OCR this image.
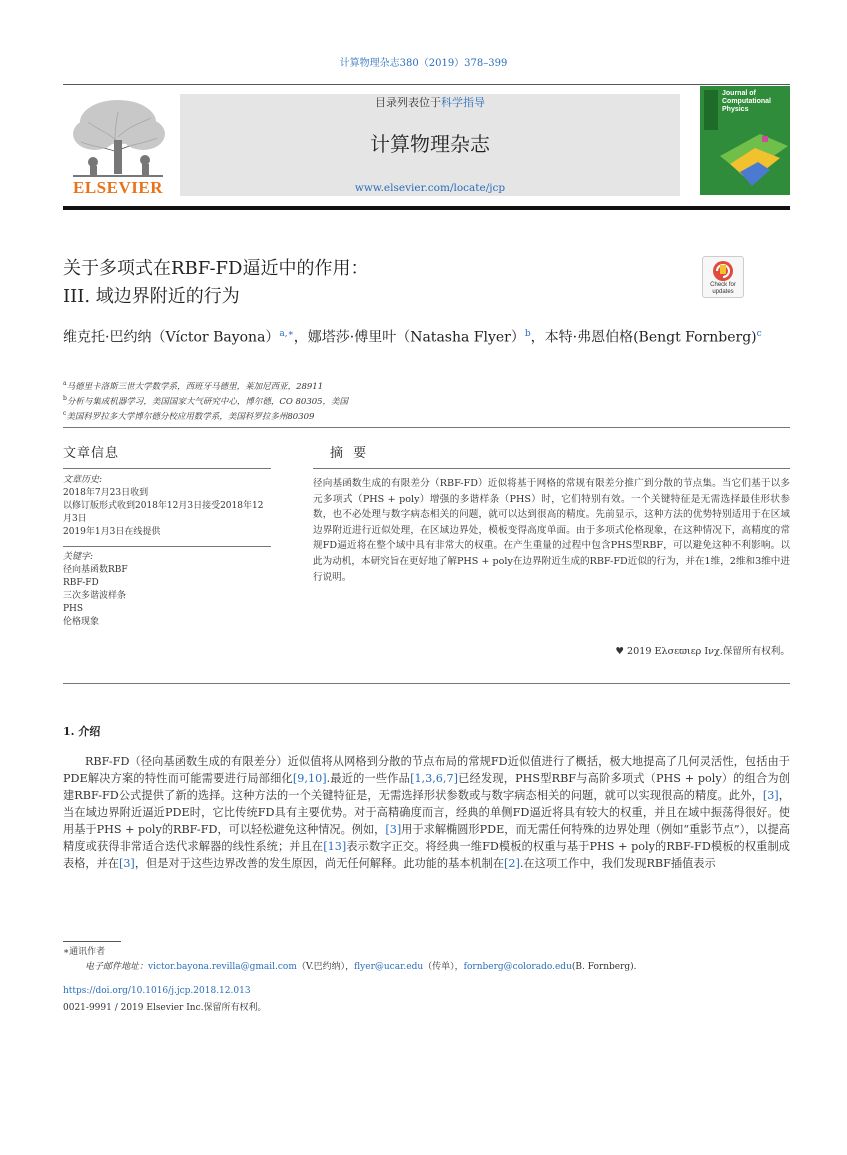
计算物理杂志380（2019）378–399
ELSEVIER
目录列表位于科学指导
计算物理杂志
www.elsevier.com/locate/jcp
Journal of Computational Physics
关于多项式在RBF-FD逼近中的作用：
III. 域边界附近的行为
Check for updates
维克托·巴约纳（Víctor Bayona）$^{a,∗}$，娜塔莎·傅里叶（Natasha Flyer）$^b$，本特·弗恩伯格(Bengt Fornberg)$^c$
$^a$马德里卡洛斯三世大学数学系，西班牙马德里，莱加尼西亚，28911
$^b$分析与集成机器学习，美国国家大气研究中心，博尔德，CO 80305，美国
$^c$美国科罗拉多大学博尔德分校应用数学系，美国科罗拉多州80309
文章信息	摘 要
文章历史:
2018年7月23日收到
以修订版形式收到2018年12月3日接受2018年12月3日
2019年1月3日在线提供
关键字:
径向基函数RBF
RBF-FD
三次多谐波样条
PHS
伦格现象
径向基函数生成的有限差分（RBF-FD）近似将基于网格的常规有限差分推广到分散的节点集。当它们基于以多元多项式（PHS + poly）增强的多谐样条（PHS）时，它们特别有效。一个关键特征是无需选择最佳形状参数，也不必处理与数字病态相关的问题，就可以达到很高的精度。先前显示，这种方法的优势特别适用于在区域边界附近进行近似处理，在区域边界处，模板变得高度单面。由于多项式伦格现象，在这种情况下，高精度的常规FD逼近将在整个域中具有非常大的权重。在产生重量的过程中包含PHS型RBF，可以避免这种不利影响。以此为动机，本研究旨在更好地了解PHS + poly在边界附近生成的RBF-FD近似的行为，并在1维，2维和3维中进行说明。
♥ 2019 Ελσεϖιερ Ινχ.保留所有权利。
1. 介绍
RBF-FD（径向基函数生成的有限差分）近似值将从网格到分散的节点布局的常规FD近似值进行了概括，极大地提高了几何灵活性，包括由于PDE解决方案的特性而可能需要进行局部细化[9,10].最近的一些作品[1,3,6,7]已经发现，PHS型RBF与高阶多项式（PHS + poly）的组合为创建RBF-FD公式提供了新的选择。这种方法的一个关键特征是，无需选择形状参数或与数字病态相关的问题，就可以实现很高的精度。此外，[3]，当在域边界附近逼近PDE时，它比传统FD具有主要优势。对于高精确度而言，经典的单侧FD逼近将具有较大的权重，并且在域中振荡得很好。使用基于PHS + poly的RBF-FD，可以轻松避免这种情况。例如，[3]用于求解椭圆形PDE，而无需任何特殊的边界处理（例如“重影节点”），以提高精度或获得非常适合迭代求解器的线性系统；并且在[13]表示数字正交。将经典一维FD模板的权重与基于PHS + poly的RBF-FD模板的权重制成表格，并在[3]，但是对于这些边界改善的发生原因，尚无任何解释。此功能的基本机制在[2].在这项工作中，我们发现RBF插值表示
∗通讯作者
电子邮件地址：victor.bayona.revilla@gmail.com（V.巴约纳），flyer@ucar.edu（传单），fornberg@colorado.edu(B. Fornberg).
https://doi.org/10.1016/j.jcp.2018.12.013
0021-9991 / 2019 Elsevier Inc.保留所有权利。
